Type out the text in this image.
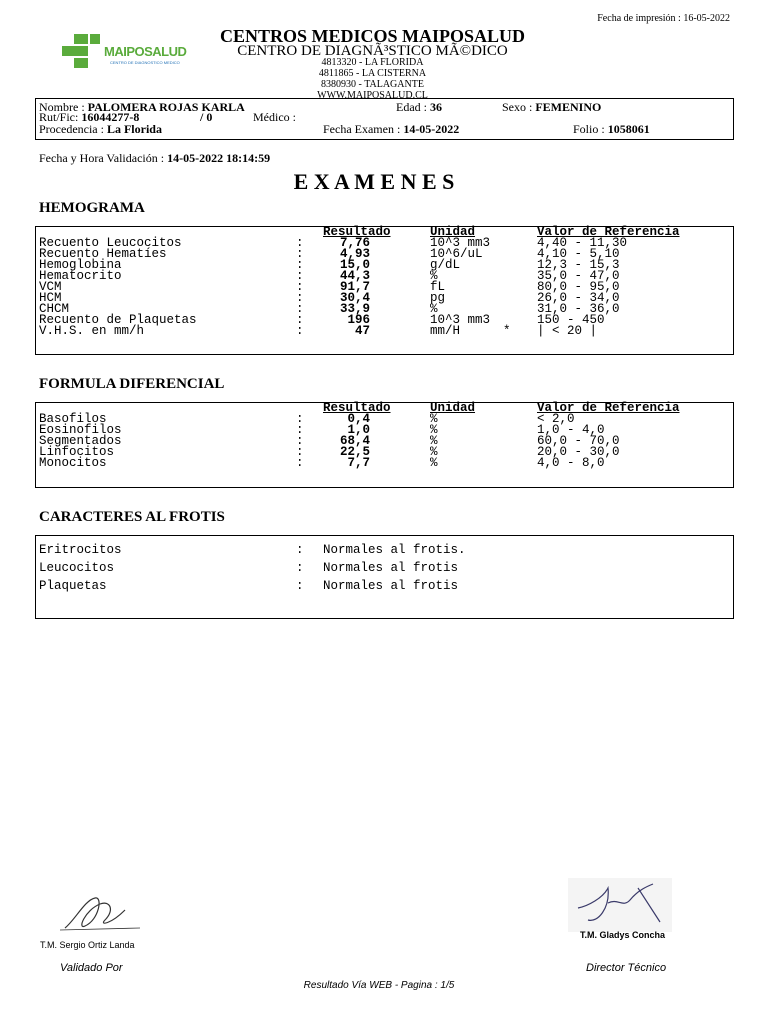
Fecha de impresión : 16-05-2022
MAIPOSALUD
CENTRO DE DIAGNOSTICO MEDICO
CENTROS MEDICOS MAIPOSALUD
CENTRO DE DIAGNÃ³STICO MÃ©DICO
4813320 - LA FLORIDA
4811865 - LA CISTERNA
8380930 - TALAGANTE
WWW.MAIPOSALUD.CL
Nombre : PALOMERA ROJAS KARLA	Edad : 36	Sexo : FEMENINO
Rut/Fic: 16044277-8	/ 0	Médico :
Procedencia : La Florida	Fecha Examen : 14-05-2022	Folio : 1058061
Fecha y Hora Validación : 14-05-2022 18:14:59
E X A M E N E S
HEMOGRAMA
Resultado	Unidad	Valor de Referencia
Recuento Leucocitos	:	7,76	10^3 mm3	4,40 - 11,30
Recuento Hematíes	:	4,93	10^6/uL	4,10 - 5,10
Hemoglobina	:	15,0	g/dL	12,3 - 15,3
Hematocrito	:	44,3	%	35,0 - 47,0
VCM	:	91,7	fL	80,0 - 95,0
HCM	:	30,4	pg	26,0 - 34,0
CHCM	:	33,9	%	31,0 - 36,0
Recuento de Plaquetas	:	196	10^3 mm3	150 - 450
V.H.S. en mm/h	:	47	mm/H	* | < 20 |
FORMULA DIFERENCIAL
Resultado	Unidad	Valor de Referencia
Basofilos	:	0,4	%	< 2,0
Eosinofilos	:	1,0	%	1,0 - 4,0
Segmentados	:	68,4	%	60,0 - 70,0
Linfocitos	:	22,5	%	20,0 - 30,0
Monocitos	:	7,7	%	4,0 - 8,0
CARACTERES AL FROTIS
Eritrocitos	: Normales al frotis.
Leucocitos	: Normales al frotis
Plaquetas	: Normales al frotis
T.M. Sergio Ortiz Landa
Validado Por
T.M. Gladys Concha
Director Técnico
Resultado Vía WEB - Pagina : 1/5
